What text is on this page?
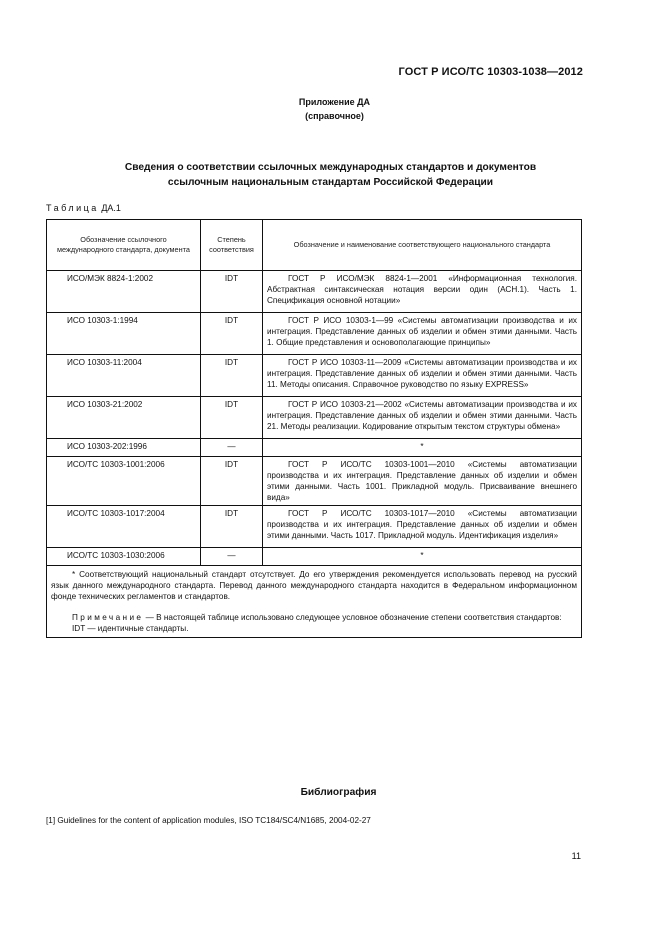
ГОСТ Р ИСО/ТС 10303-1038—2012
Приложение ДА
(справочное)
Сведения о соответствии ссылочных международных стандартов и документов
ссылочным национальным стандартам Российской Федерации
Таблица ДА.1
Обозначение ссылочного международного стандарта, документа	Степень соответствия	Обозначение и наименование соответствующего национального стандарта
ИСО/МЭК 8824-1:2002	IDT	ГОСТ Р ИСО/МЭК 8824-1—2001 «Информационная технология. Абстрактная синтаксическая нотация версии один (АСН.1). Часть 1. Спецификация основной нотации»
ИСО 10303-1:1994	IDT	ГОСТ Р ИСО 10303-1—99 «Системы автоматизации производства и их интеграция. Представление данных об изделии и обмен этими данными. Часть 1. Общие представления и основополагающие принципы»
ИСО 10303-11:2004	IDT	ГОСТ Р ИСО 10303-11—2009 «Системы автоматизации производства и их интеграция. Представление данных об изделии и обмен этими данными. Часть 11. Методы описания. Справочное руководство по языку EXPRESS»
ИСО 10303-21:2002	IDT	ГОСТ Р ИСО 10303-21—2002 «Системы автоматизации производства и их интеграция. Представление данных об изделии и обмен этими данными. Часть 21. Методы реализации. Кодирование открытым текстом структуры обмена»
ИСО 10303-202:1996	—	*
ИСО/ТС 10303-1001:2006	IDT	ГОСТ Р ИСО/ТС 10303-1001—2010 «Системы автоматизации производства и их интеграция. Представление данных об изделии и обмен этими данными. Часть 1001. Прикладной модуль. Присваивание внешнего вида»
ИСО/ТС 10303-1017:2004	IDT	ГОСТ Р ИСО/ТС 10303-1017—2010 «Системы автоматизации производства и их интеграция. Представление данных об изделии и обмен этими данными. Часть 1017. Прикладной модуль. Идентификация изделия»
ИСО/ТС 10303-1030:2006	—	*

* Соответствующий национальный стандарт отсутствует. До его утверждения рекомендуется использовать перевод на русский язык данного международного стандарта. Перевод данного международного стандарта находится в Федеральном информационном фонде технических регламентов и стандартов.

Примечание — В настоящей таблице использовано следующее условное обозначение степени соответствия стандартов:

IDT — идентичные стандарты.		

Библиография
[1] Guidelines for the content of application modules, ISO TC184/SC4/N1685, 2004-02-27
11
